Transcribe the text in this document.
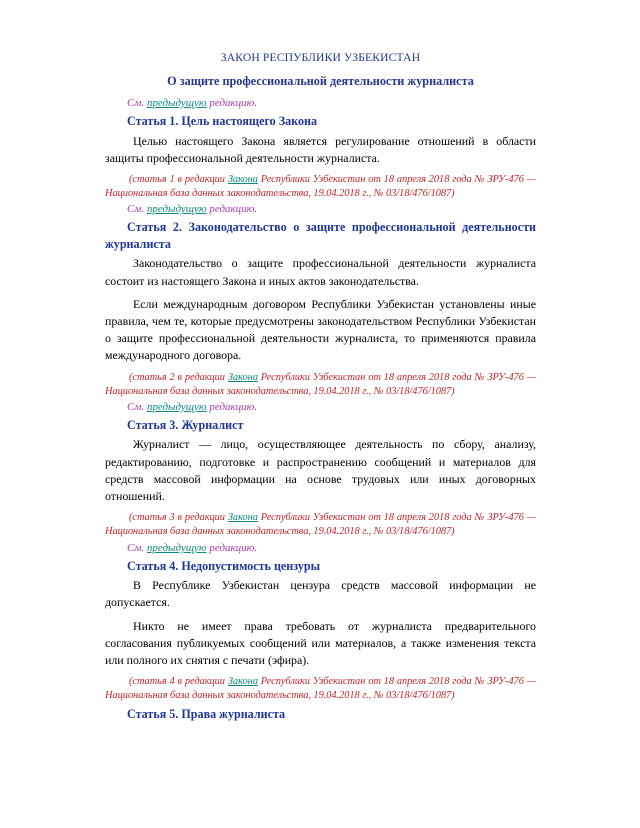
ЗАКОН РЕСПУБЛИКИ УЗБЕКИСТАН
О защите профессиональной деятельности журналиста
См. предыдущую редакцию.
Статья 1. Цель настоящего Закона

Целью настоящего Закона является регулирование отношений в области защиты профессиональной деятельности журналиста.

(статья 1 в редакции Закона Республики Узбекистан от 18 апреля 2018 года № ЗРУ-476 — Национальная база данных законодательства, 19.04.2018 г., № 03/18/476/1087)
См. предыдущую редакцию.
Статья 2. Законодательство о защите профессиональной деятельности журналиста

Законодательство о защите профессиональной деятельности журналиста состоит из настоящего Закона и иных актов законодательства.

Если международным договором Республики Узбекистан установлены иные правила, чем те, которые предусмотрены законодательством Республики Узбекистан о защите профессиональной деятельности журналиста, то применяются правила международного договора.

(статья 2 в редакции Закона Республики Узбекистан от 18 апреля 2018 года № ЗРУ-476 — Национальная база данных законодательства, 19.04.2018 г., № 03/18/476/1087)
См. предыдущую редакцию.
Статья 3. Журналист

Журналист — лицо, осуществляющее деятельность по сбору, анализу, редактированию, подготовке и распространению сообщений и материалов для средств массовой информации на основе трудовых или иных договорных отношений.

(статья 3 в редакции Закона Республики Узбекистан от 18 апреля 2018 года № ЗРУ-476 — Национальная база данных законодательства, 19.04.2018 г., № 03/18/476/1087)
См. предыдущую редакцию.
Статья 4. Недопустимость цензуры

В Республике Узбекистан цензура средств массовой информации не допускается.

Никто не имеет права требовать от журналиста предварительного согласования публикуемых сообщений или материалов, а также изменения текста или полного их снятия с печати (эфира).

(статья 4 в редакции Закона Республики Узбекистан от 18 апреля 2018 года № ЗРУ-476 — Национальная база данных законодательства, 19.04.2018 г., № 03/18/476/1087)
Статья 5. Права журналиста
